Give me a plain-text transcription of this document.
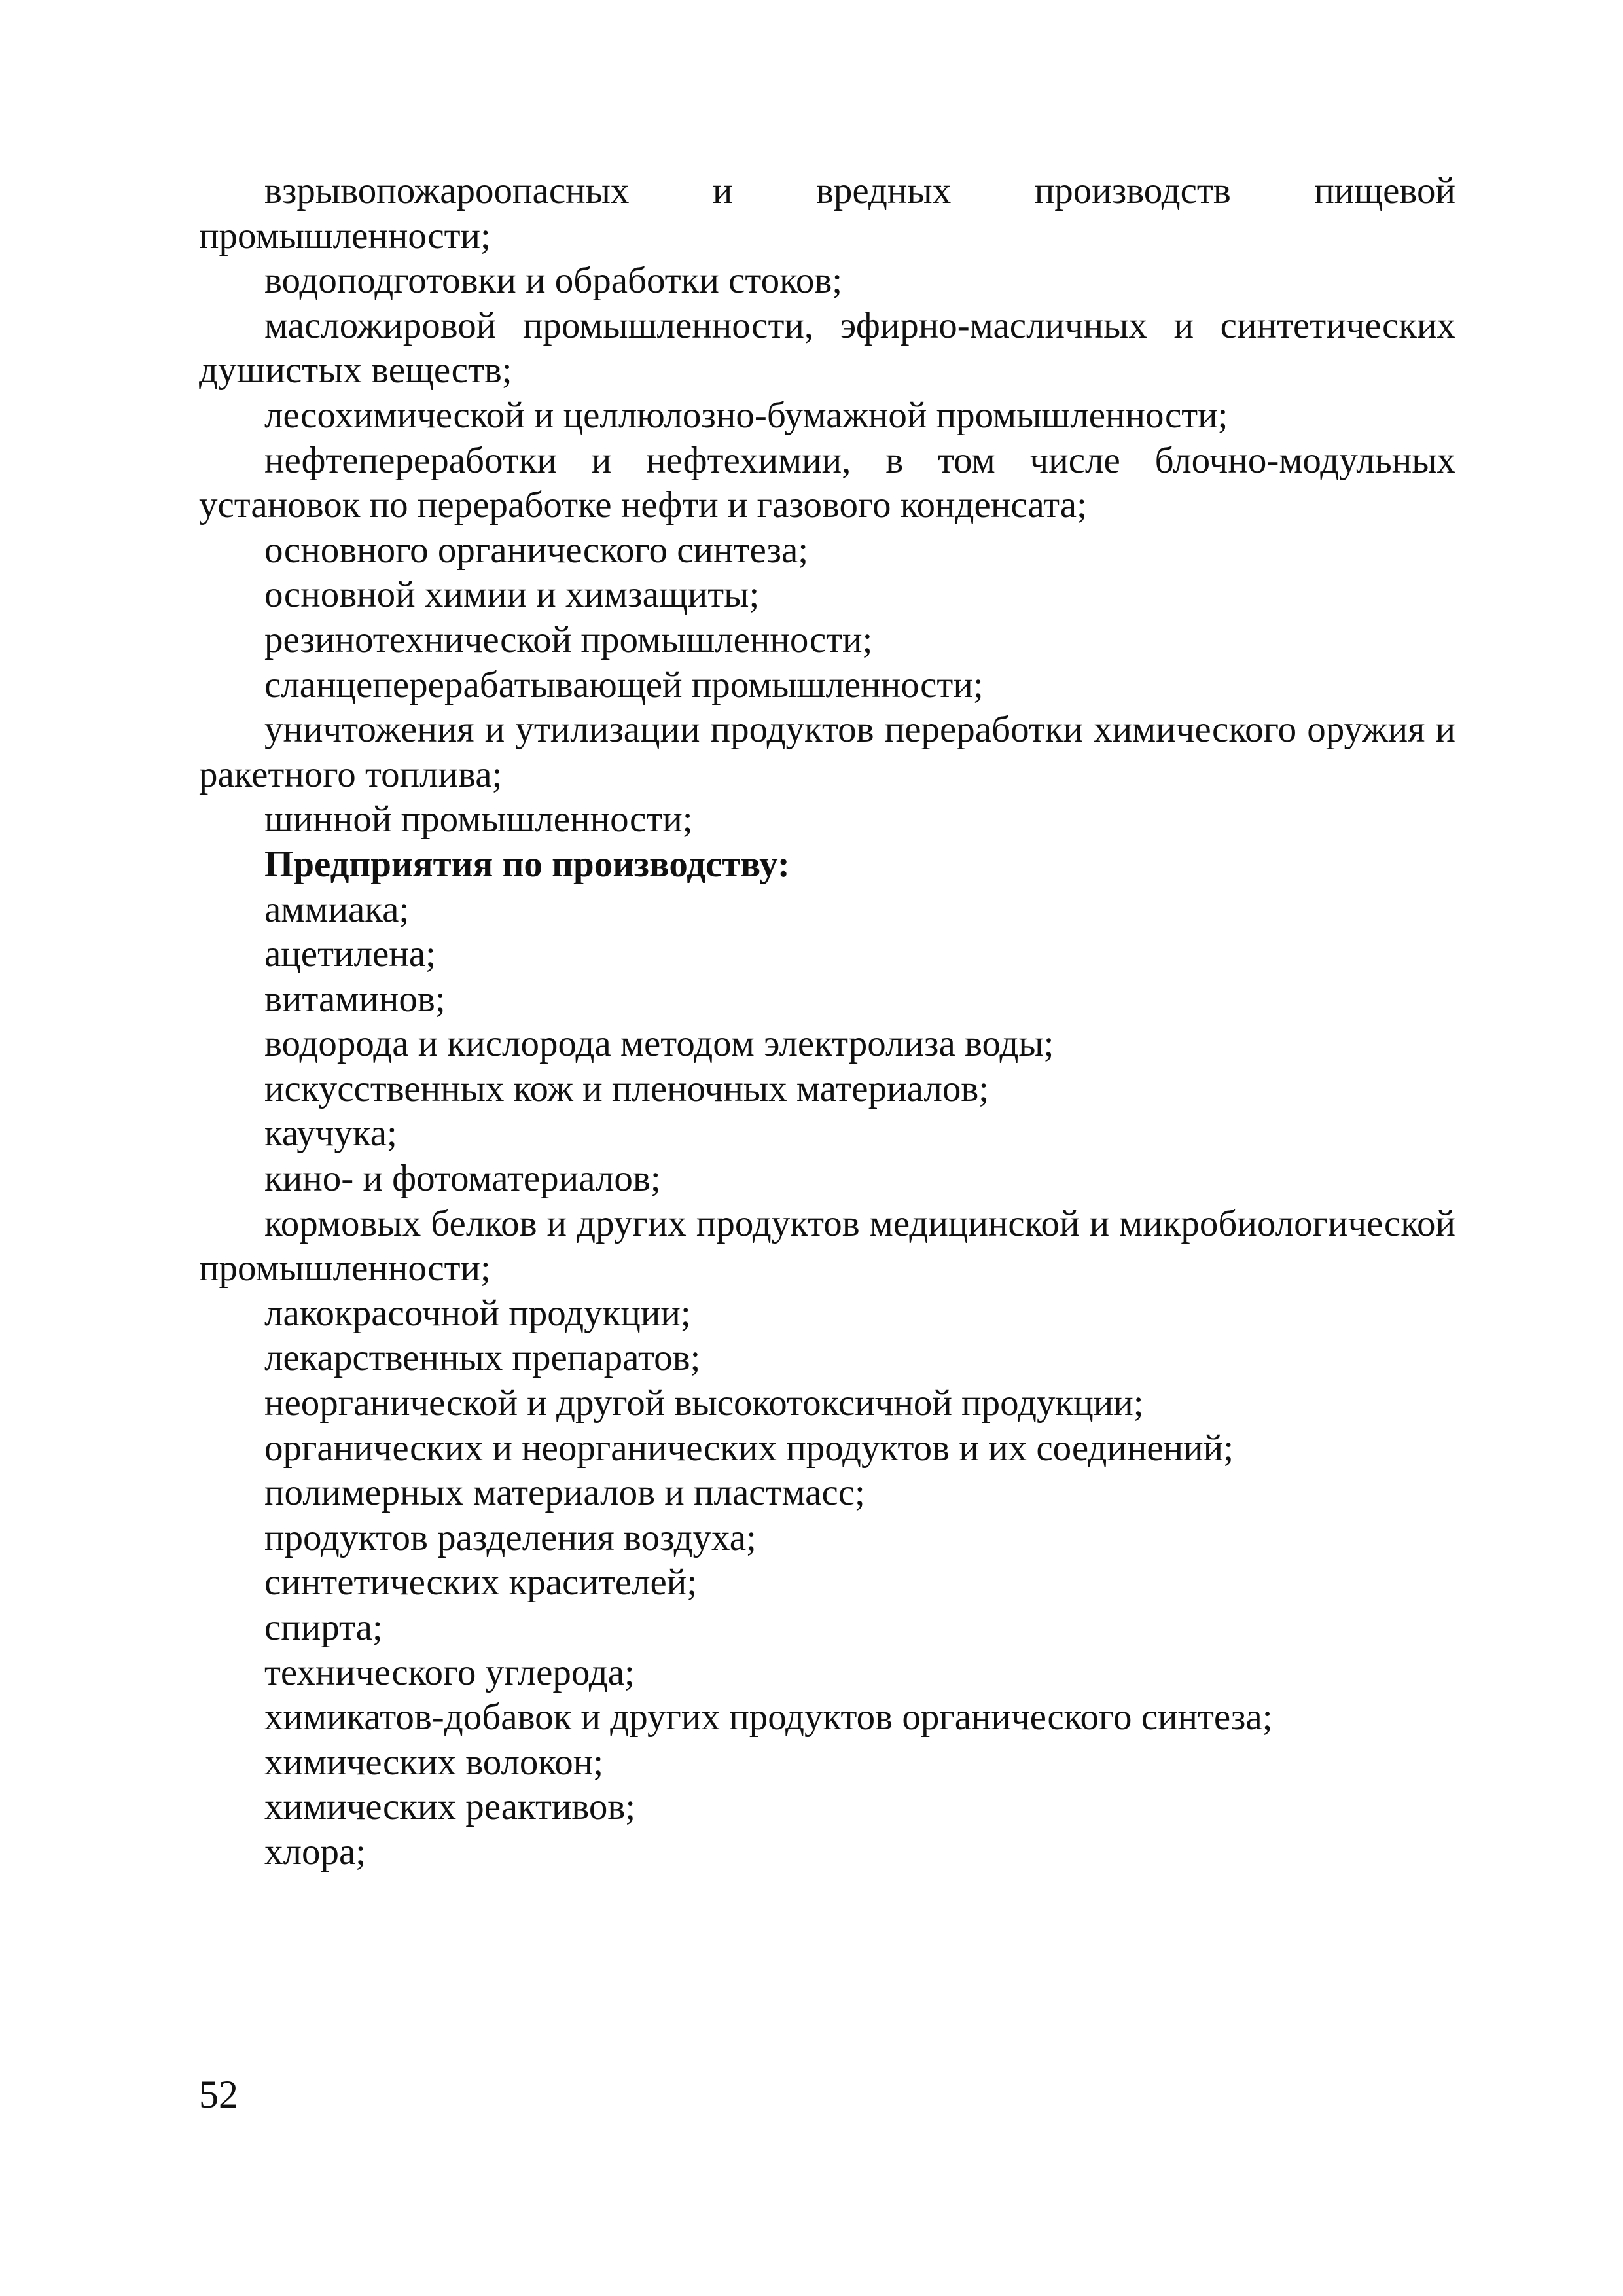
взрывопожароопасных и вредных производств пищевой промышленности;

водоподготовки и обработки стоков;

масложировой промышленности, эфирно-масличных и синтетических душистых веществ;

лесохимической и целлюлозно-бумажной промышленности;

нефтепереработки и нефтехимии, в том числе блочно-модульных установок по переработке нефти и газового конденсата;

основного органического синтеза;

основной химии и химзащиты;

резинотехнической промышленности;

сланцеперерабатывающей промышленности;

уничтожения и утилизации продуктов переработки химического оружия и ракетного топлива;

шинной промышленности;

Предприятия по производству:

аммиака;

ацетилена;

витаминов;

водорода и кислорода методом электролиза воды;

искусственных кож и пленочных материалов;

каучука;

кино- и фотоматериалов;

кормовых белков и других продуктов медицинской и микробиологической промышленности;

лакокрасочной продукции;

лекарственных препаратов;

неорганической и другой высокотоксичной продукции;

органических и неорганических продуктов и их соединений;

полимерных материалов и пластмасс;

продуктов разделения воздуха;

синтетических красителей;

спирта;

технического углерода;

химикатов-добавок и других продуктов органического синтеза;

химических волокон;

химических реактивов;

хлора;

52
